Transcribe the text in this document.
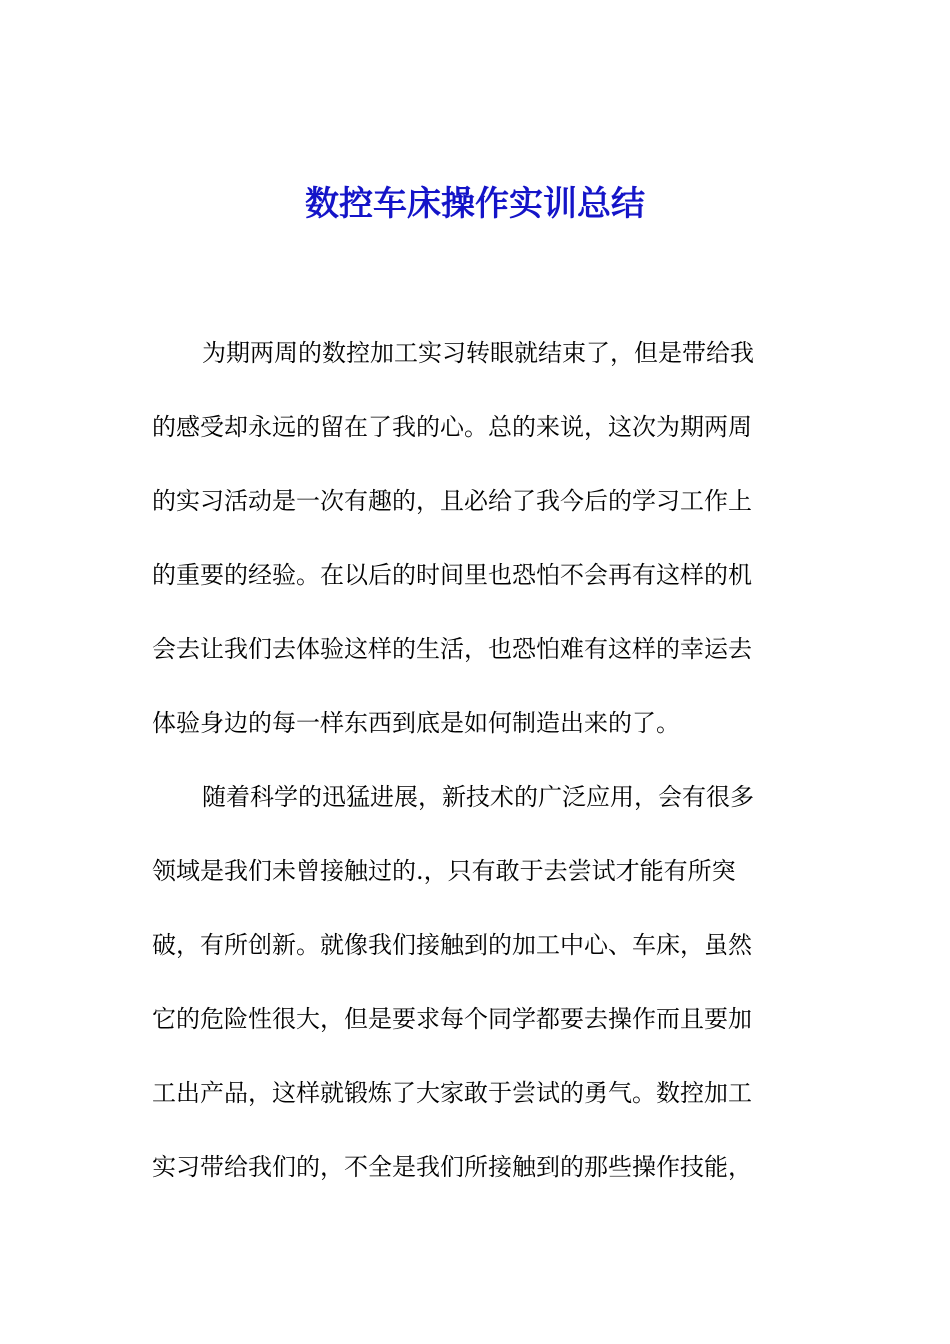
数控车床操作实训总结
为期两周的数控加工实习转眼就结束了，但是带给我
的感受却永远的留在了我的心。总的来说，这次为期两周
的实习活动是一次有趣的，且必给了我今后的学习工作上
的重要的经验。在以后的时间里也恐怕不会再有这样的机
会去让我们去体验这样的生活，也恐怕难有这样的幸运去
体验身边的每一样东西到底是如何制造出来的了。
随着科学的迅猛进展，新技术的广泛应用，会有很多
领域是我们未曾接触过的.，只有敢于去尝试才能有所突
破，有所创新。就像我们接触到的加工中心、车床，虽然
它的危险性很大，但是要求每个同学都要去操作而且要加
工出产品，这样就锻炼了大家敢于尝试的勇气。数控加工
实习带给我们的，不全是我们所接触到的那些操作技能，
